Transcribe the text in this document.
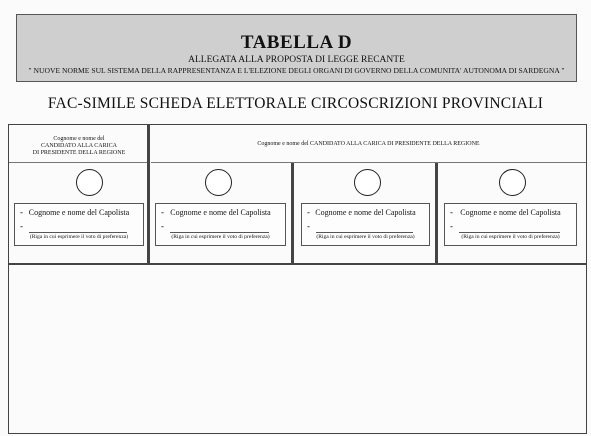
TABELLA D
ALLEGATA ALLA PROPOSTA DI LEGGE RECANTE
" NUOVE NORME SUL SISTEMA DELLA RAPPRESENTANZA E L'ELEZIONE DEGLI ORGANI DI GOVERNO DELLA COMUNITA' AUTONOMA DI SARDEGNA "
FAC-SIMILE SCHEDA ELETTORALE CIRCOSCRIZIONI PROVINCIALI
Cognome e nome del
CANDIDATO ALLA CARICA
DI PRESIDENTE DELLA REGIONE
Cognome e nome del CANDIDATO ALLA CARICA DI PRESIDENTE DELLA REGIONE
- Cognome e nome del Capolista
-
(Riga in cui esprimere il voto di preferenza)
- Cognome e nome del Capolista
-
(Riga in cui esprimere il voto di preferenza)
- Cognome e nome del Capolista
-
(Riga in cui esprimere il voto di preferenza)
- Cognome e nome del Capolista
-
(Riga in cui esprimere il voto di preferenza)
